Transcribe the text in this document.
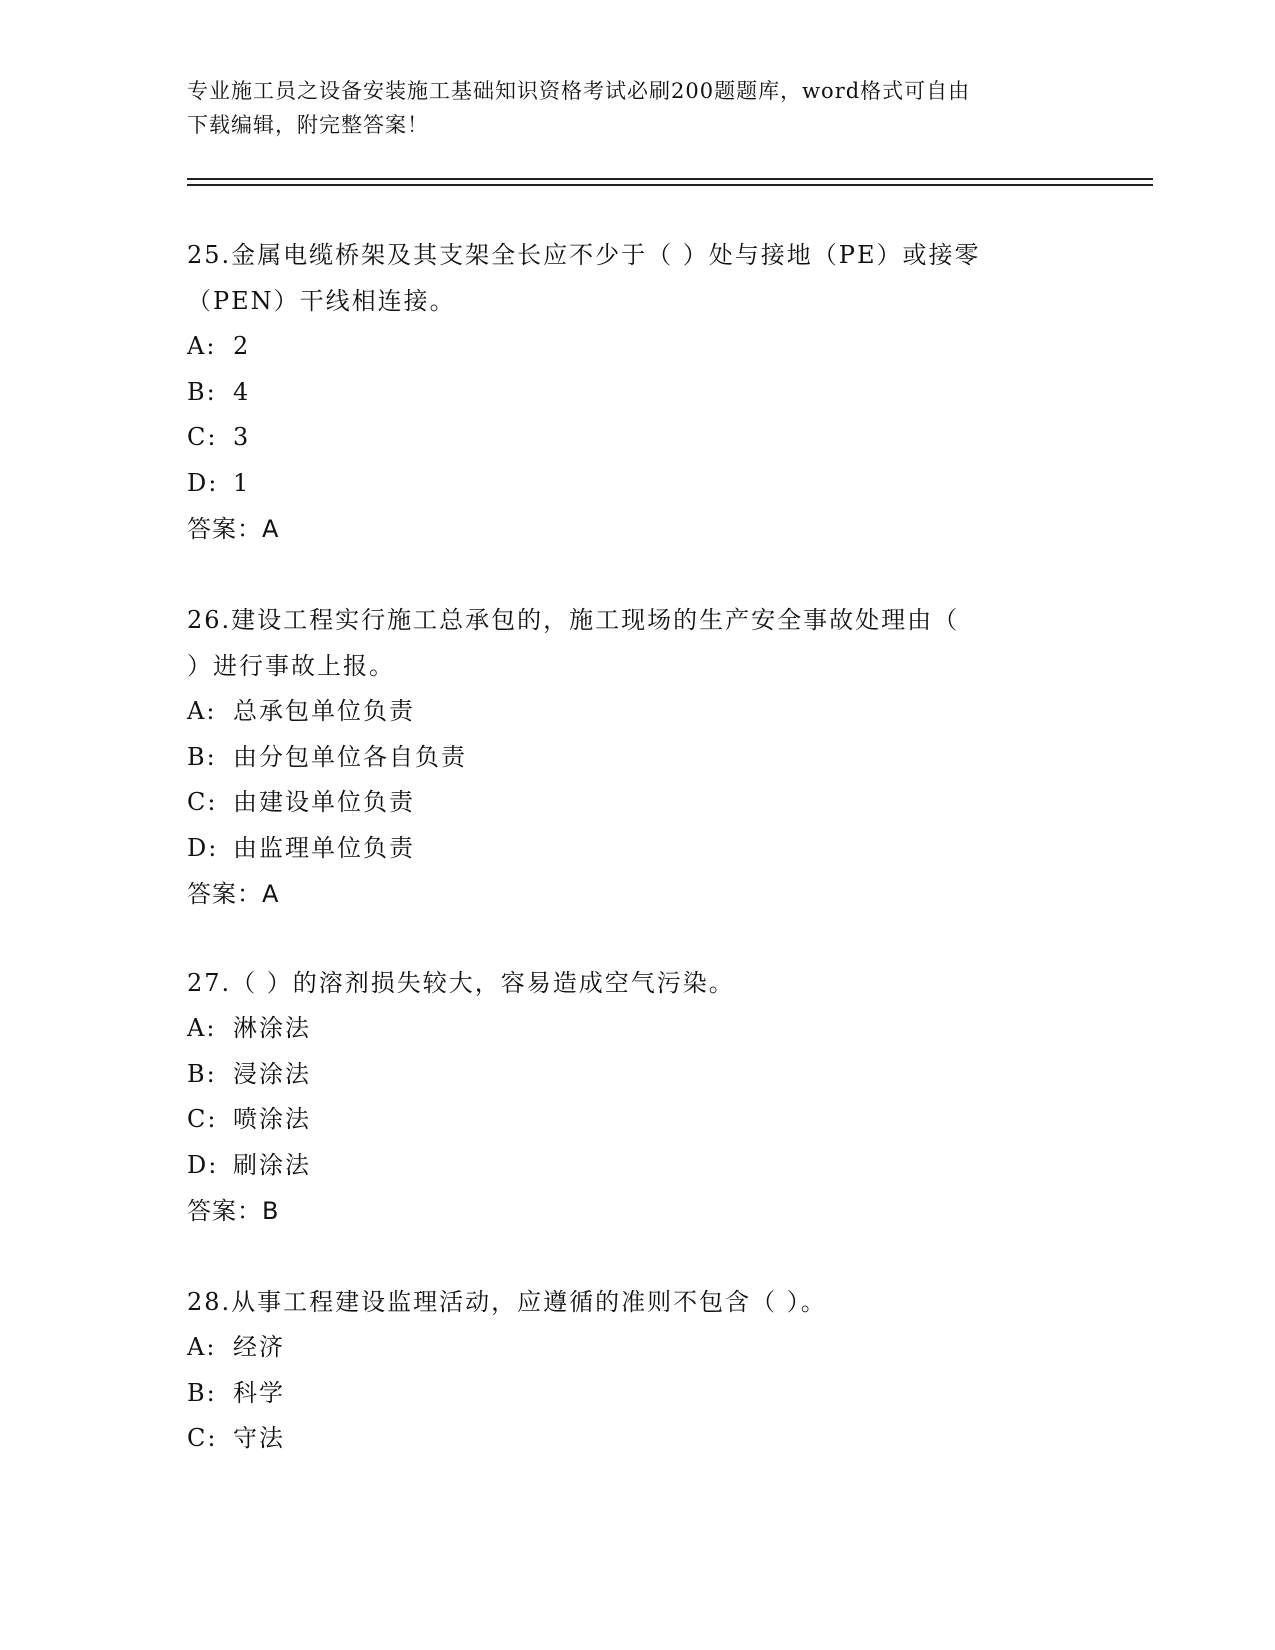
专业施工员之设备安装施工基础知识资格考试必刷200题题库，word格式可自由
下载编辑，附完整答案！
25.金属电缆桥架及其支架全长应不少于（ ）处与接地（PE）或接零
（PEN）干线相连接。
A: 2
B: 4
C: 3
D: 1
答案：A
26.建设工程实行施工总承包的，施工现场的生产安全事故处理由（
）进行事故上报。
A: 总承包单位负责
B: 由分包单位各自负责
C: 由建设单位负责
D: 由监理单位负责
答案：A
27.（ ）的溶剂损失较大，容易造成空气污染。
A: 淋涂法
B: 浸涂法
C: 喷涂法
D: 刷涂法
答案：B
28.从事工程建设监理活动，应遵循的准则不包含（ ）。
A: 经济
B: 科学
C: 守法
